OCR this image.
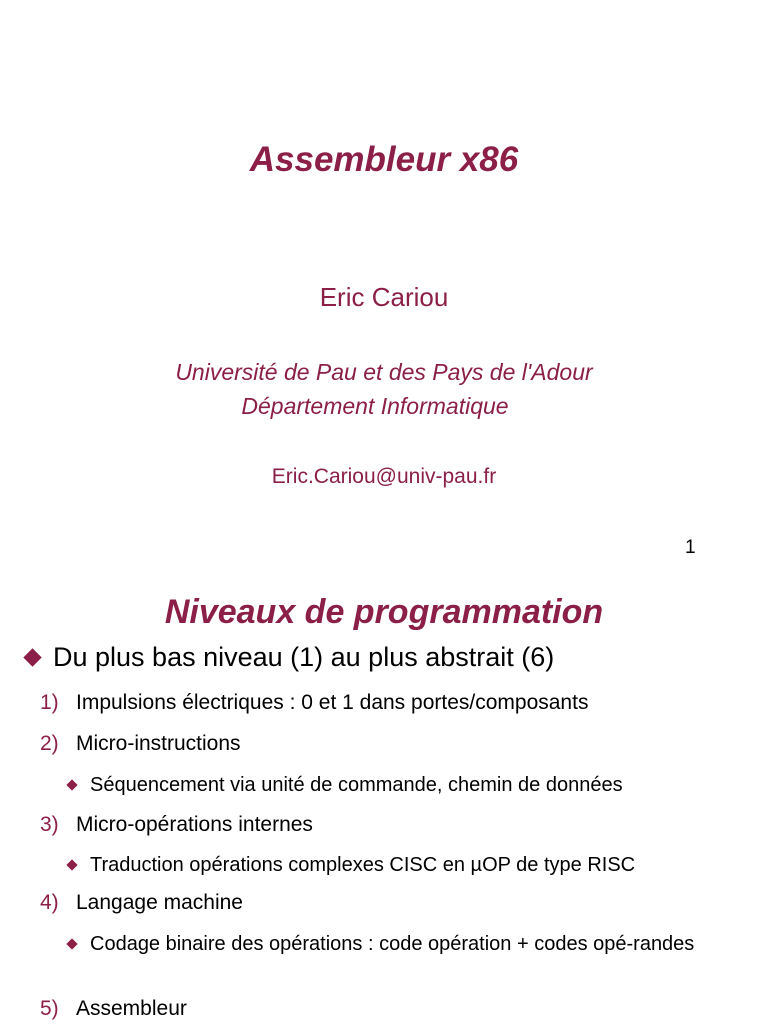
Assembleur x86
Eric Cariou
Université de Pau et des Pays de l'Adour
Département Informatique
Eric.Cariou@univ-pau.fr
1
Niveaux de programmation
Du plus bas niveau (1) au plus abstrait (6)
1) Impulsions électriques : 0 et 1 dans portes/composants
2) Micro-instructions
Séquencement via unité de commande, chemin de données
3) Micro-opérations internes
Traduction opérations complexes CISC en µOP de type RISC
4) Langage machine
Codage binaire des opérations : code opération + codes opé-randes
5) Assembleur
